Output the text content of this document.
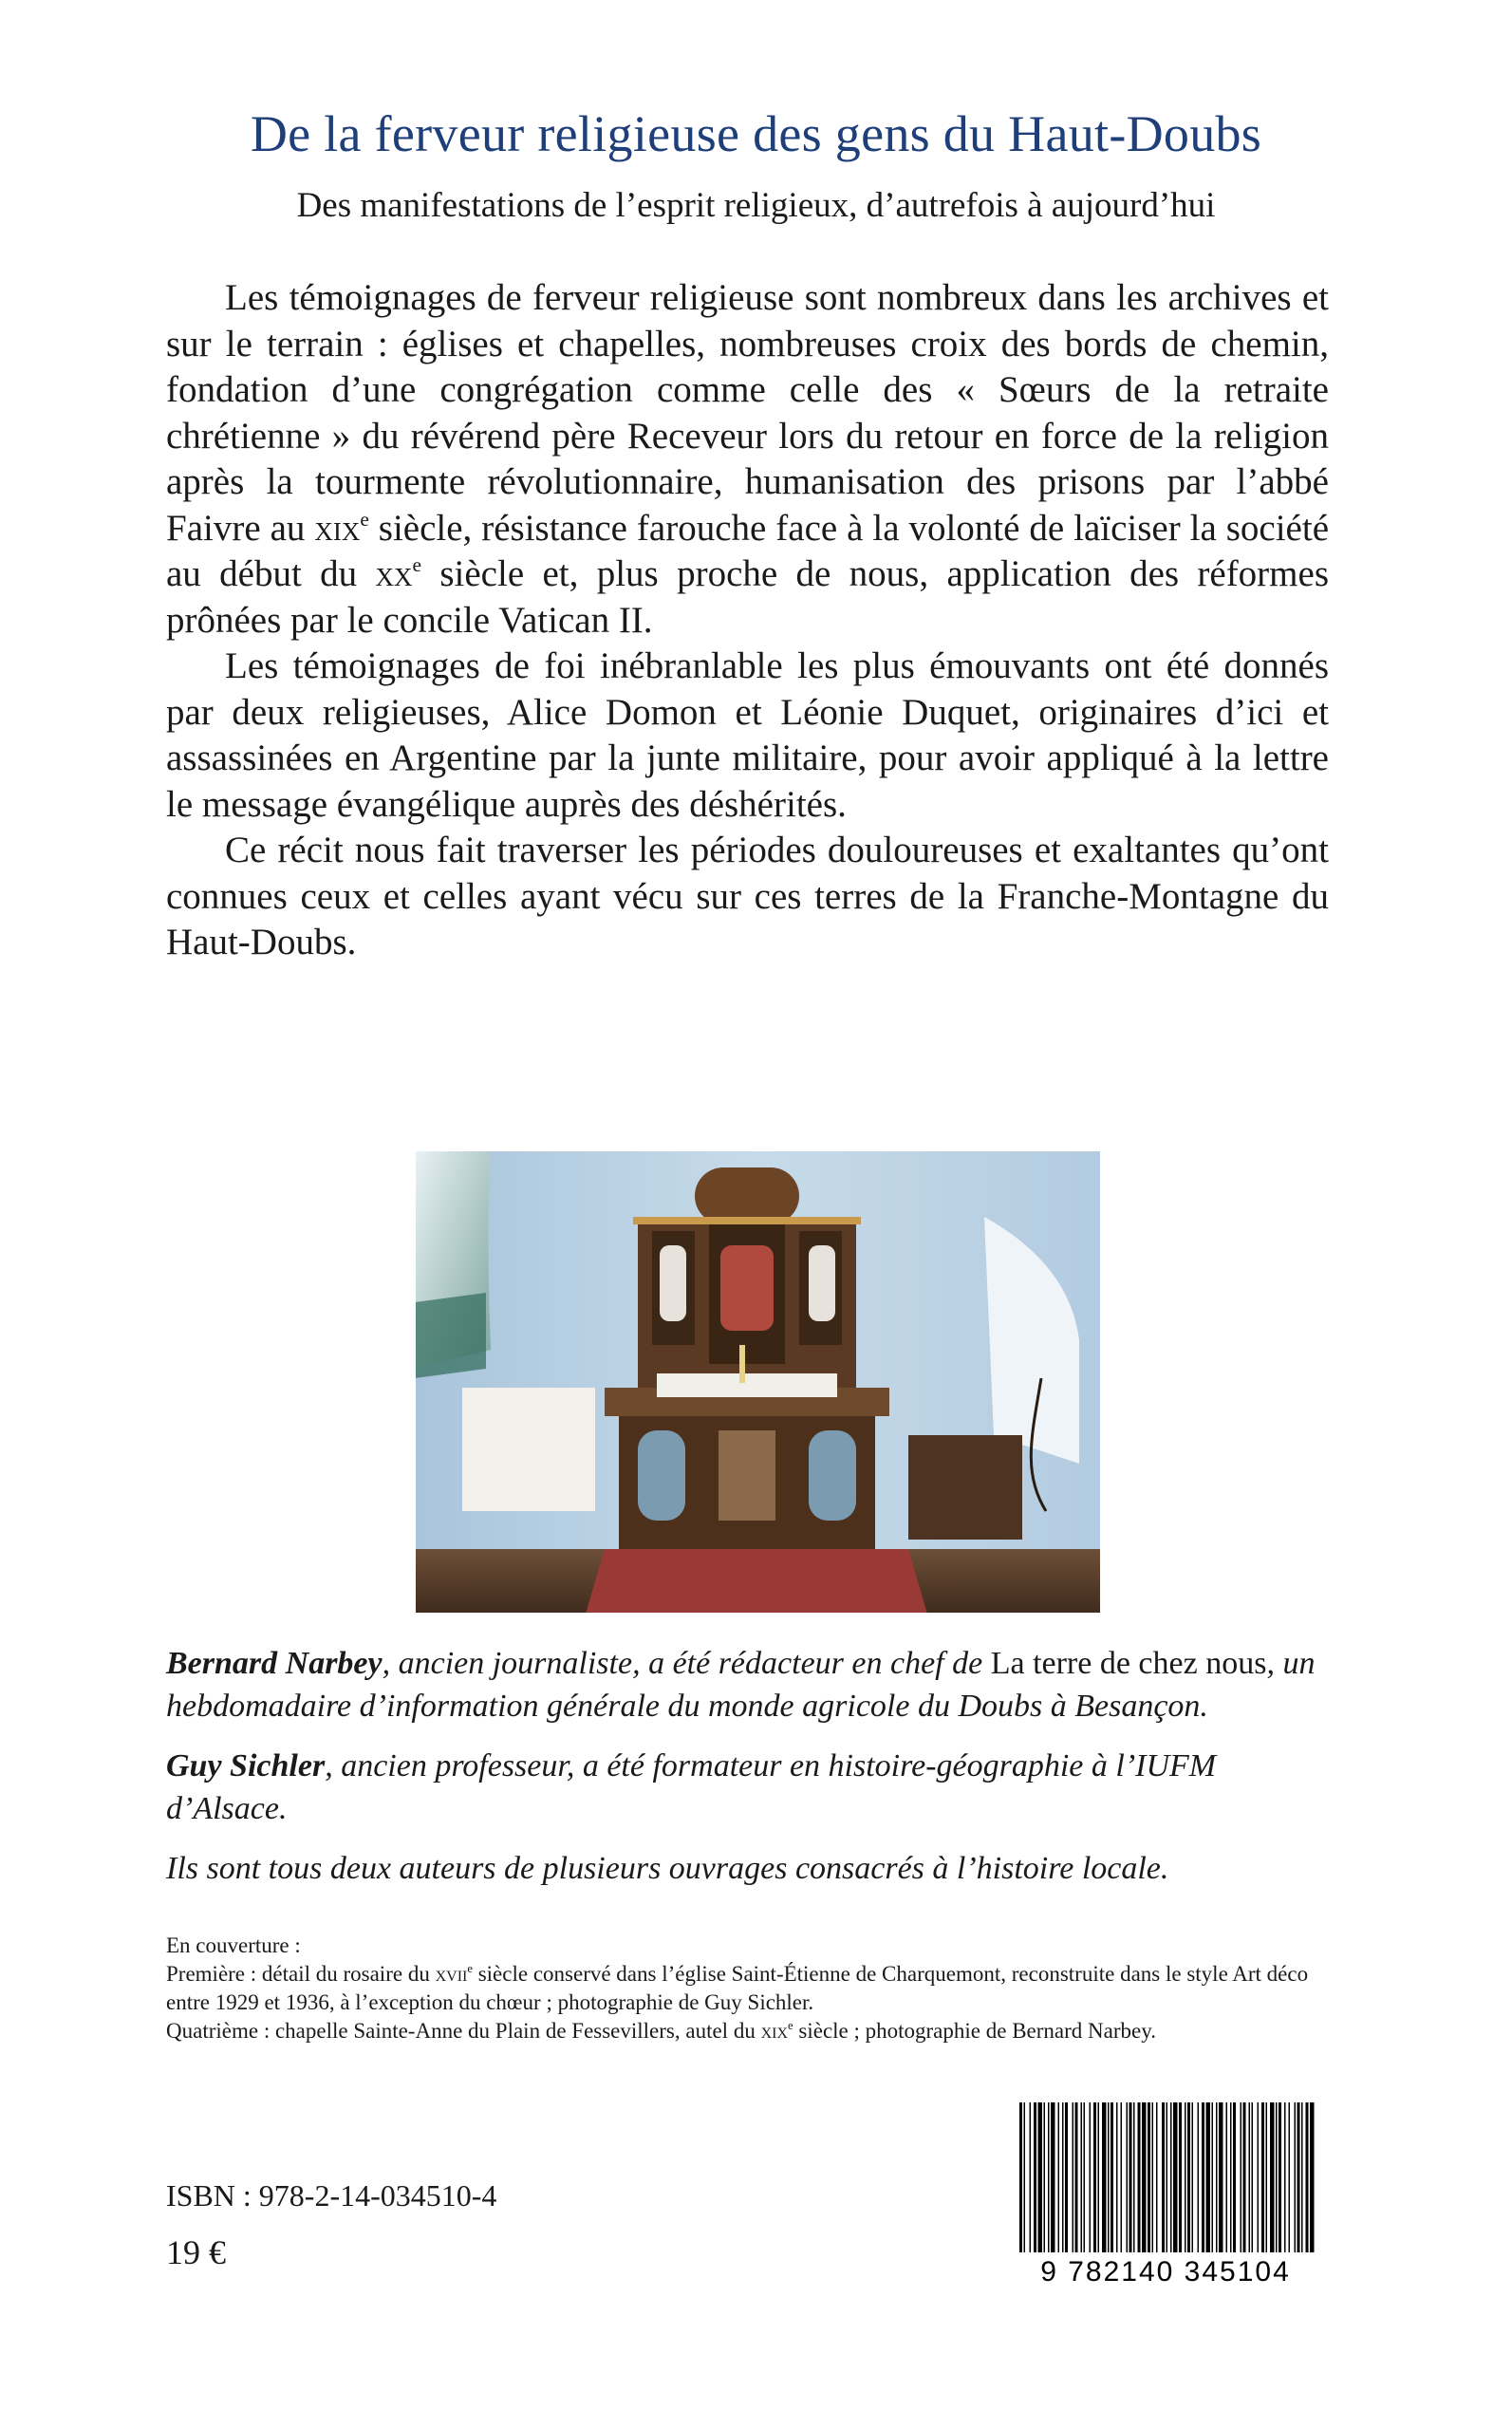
De la ferveur religieuse des gens du Haut-Doubs
Des manifestations de l’esprit religieux, d’autrefois à aujourd’hui

Les témoignages de ferveur religieuse sont nombreux dans les archives et sur le terrain : églises et chapelles, nombreuses croix des bords de chemin, fondation d’une congrégation comme celle des « Sœurs de la retraite chrétienne » du révérend père Receveur lors du retour en force de la religion après la tourmente révolutionnaire, humanisation des prisons par l’abbé Faivre au xix$^e$ siècle, résistance farouche face à la volonté de laïciser la société au début du $xx^e$ siècle et, plus proche de nous, application des réformes prônées par le concile Vatican II.

Les témoignages de foi inébranlable les plus émouvants ont été donnés par deux religieuses, Alice Domon et Léonie Duquet, originaires d’ici et assassinées en Argentine par la junte militaire, pour avoir appliqué à la lettre le message évangélique auprès des déshérités.

Ce récit nous fait traverser les périodes douloureuses et exaltantes qu’ont connues ceux et celles ayant vécu sur ces terres de la Franche-Montagne du Haut-Doubs.

Bernard Narbey, ancien journaliste, a été rédacteur en chef de La terre de chez nous, un hebdomadaire d’information générale du monde agricole du Doubs à Besançon.

Guy Sichler, ancien professeur, a été formateur en histoire-géographie à l’IUFM d’Alsace.

Ils sont tous deux auteurs de plusieurs ouvrages consacrés à l’histoire locale.

En couverture :
Première : détail du rosaire du xvii$^e$ siècle conservé dans l’église Saint-Étienne de Charquemont, reconstruite dans le style Art déco entre 1929 et 1936, à l’exception du chœur ; photographie de Guy Sichler.
Quatrième : chapelle Sainte-Anne du Plain de Fessevillers, autel du xix$^e$ siècle ; photographie de Bernard Narbey.
ISBN : 978-2-14-034510-4
19 €
9 782140 345104
